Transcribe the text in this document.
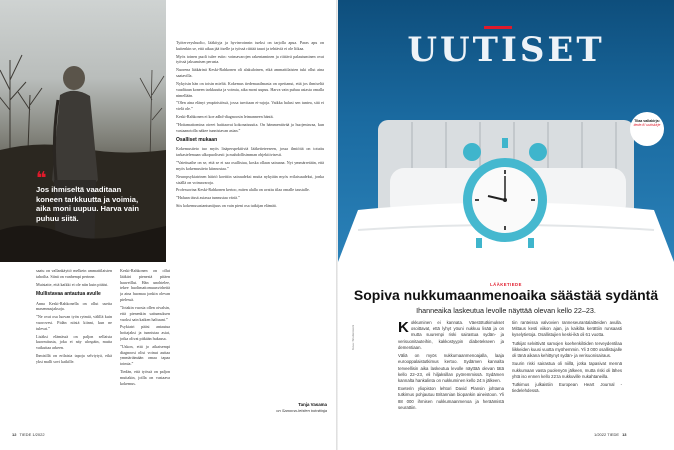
❝
Jos ihmiseltä vaaditaan koneen tarkkuutta ja voimia, aika moni uupuu. Harva vain puhuu siitä.

Työterveyshuolto, lääkityja ja hyvinvoinnin tueksi on tarjolla apua. Paras apu on kuitenkin se, että aikaa jää itselle ja työssä riittää tauot ja tehtäviä ei ole liikaa.

Myös toinen puoli tulee esiin: voimavarojen rakentaminen ja riittävä palautuminen ovat työssä jaksamisen perusta.

Nuorena lääkärinä Keski-Rahkonen oli alakuloinen, eikä ammattilaisten tuki ollut aina saatavilla.

Nykyisin hän on toisin mieltä. Kokemus tiedemaailmasta on opettanut, että jos ihmiseltä vaaditaan koneen tarkkuutta ja voimia, aika moni uupuu. Harva vain puhuu asiasta omalla nimellään.

”Olen aina elänyt ympäristössä, jossa tarvitaan ei-rajoja. Vaikka halusi sen tuntea, sitä ei vielä ole.”

Keski-Rahkonen ei koe adhd-diagnoosin leimanneen häntä.

”Hoitamattomina oireet haittaavat kokonaisuutta. On hämmentävää ja huojentavaa, kun vastaanotolla näkee tunnistavan asian.”

Osalliset mukaan

Kokemustieto tuo myös lisäperspektiiviä lääketieteeseen, jossa ilmiöitä on totuttu tarkastelemaan ulkopuolisesti ja mahdollisimman objektiivisesti.

”Vaiettuaihe on se, että se ei saa osallistua, koska ollaan sairaana. Nyt ymmärretään, että myös kokemustieto kiinnostaa.”

Neuropsykiatrinen häiriö koettiin sairaudeksi mutta nykyään myös erilaisuudeksi, jonka sisällä on voimavaroja.

Professorina Keski-Rahkonen kertoo, miten alalla on avattu tilaa omalle taustalle.

”Haluan tässä asiassa tunnustaa väriä.”

Siis kokemusasiantuntijuus on vain pieni osa tutkijan elämää.

saatu on vallankäyttö melkein ammattilaisten tahoilta. Siinä on vanhempi perinne.

Muistatte, että kaikki ei ole niin kuin pitäisi.

Mullistavaa antautua avulle

Anna Keski-Rahkonella on ollut useita masennusjaksoja.

”Ne ovat osa luovan työn rytmiä, välillä kuin vuorovesi. Pidän niistä kiinni, kun ne tulevat.”

Lisäksi elämässä on paljon sellaista kuormitusta, joka ei näy ulospäin, mutta vaikuttaa arkeen.

Ihmisillä on erilaisia tapoja selviytyä, eikä yksi malli sovi kaikille.

Keski-Rahkonen on ollut lääkäri pienestä pitäen haaveillut. Hän unohtelee, tekee huolimattomuusvirheitä ja aina huomaa jonkin olevan pielessä.

”Jotakin vuosia ollen oivalsin, että pienenkin sattumuksen vuoksi sain kaiken haltuuni.”

Psykiatri pääsi antautua hoitajaksi ja tunnistaa asiat, jotka olivat pitkään hukassa.

”Uskon, että jo aikaisempi diagnoosi olisi voinut auttaa ymmärtämään omaa tapaa toimia.”

Tiedän, että työssä on paljon muitakin, joilla on vastaava kokemus.

Tanja Vasama
on Sanoma-lehtien toimittaja
12 TIEDE 1/2022
UUTISET
Tilaa vallakirja:
tiede.fi/ uutiskirje
Kuva: Shutterstock
LÄÄKETIEDE
Sopiva nukkumaanmenoaika säästää sydäntä
Ihanneaika laskeutua levolle näyttää olevan kello 22–23.

Kokkuminen ei kannata. Väestötutkimukset osoittavat, että lyhyt yöuni nukkuu lisää ja on mutta suurempi riski sairastua sydän- ja verisuonitauteihin, kakkostyypin diabetekseen ja dementiaan.

Väliä on myös nukkumaanmenoajalla, laaja eurooppalaistutkimus kertoo. Sydämen kannalta terveellisin aika laskeutua levolle näyttää olevan tätä kello 22–23, eli hiljaksillan pyöremmissä. Sydämen kannalta hankalinta on nukkuminen kello 24:n jälkeen.

Exeterin yliopiston lehtori David Plansin johtama tutkimus pohjautuu Britannian biopankin aineistoon. Yli 88 000 ihmisen nukkumaanmenoa ja heräämistä seurattiin.

tiin ranteissa valvovien ranneseurantalaitteiden avulla. Mittaus kesti viikon ajan, ja kaikilta kerättiin runsaasti kyselytietoja. Osallistujien keski-ikä oli 61 vuotta.

Tutkijat selvittivät samojen koehenkilöiden terveydentilaa liikkeiden kuusi vuotta myöhemmin. Yli 3 000 osallistujalle oli tänä aikana kehittynyt sydän- ja verisuonisairaus.

Suurin riski sairastua oli niillä, jotka tapasivat mennä nukkumaan vasta puolenyön jälkeen, mutta riski oli lähes yhtä iso ennen kello 22:ta nukkuville nukahtaneilla.

Tutkimus julkaistiin European Heart Journal -tiedelehdessä.

1/2022 TIEDE 13
